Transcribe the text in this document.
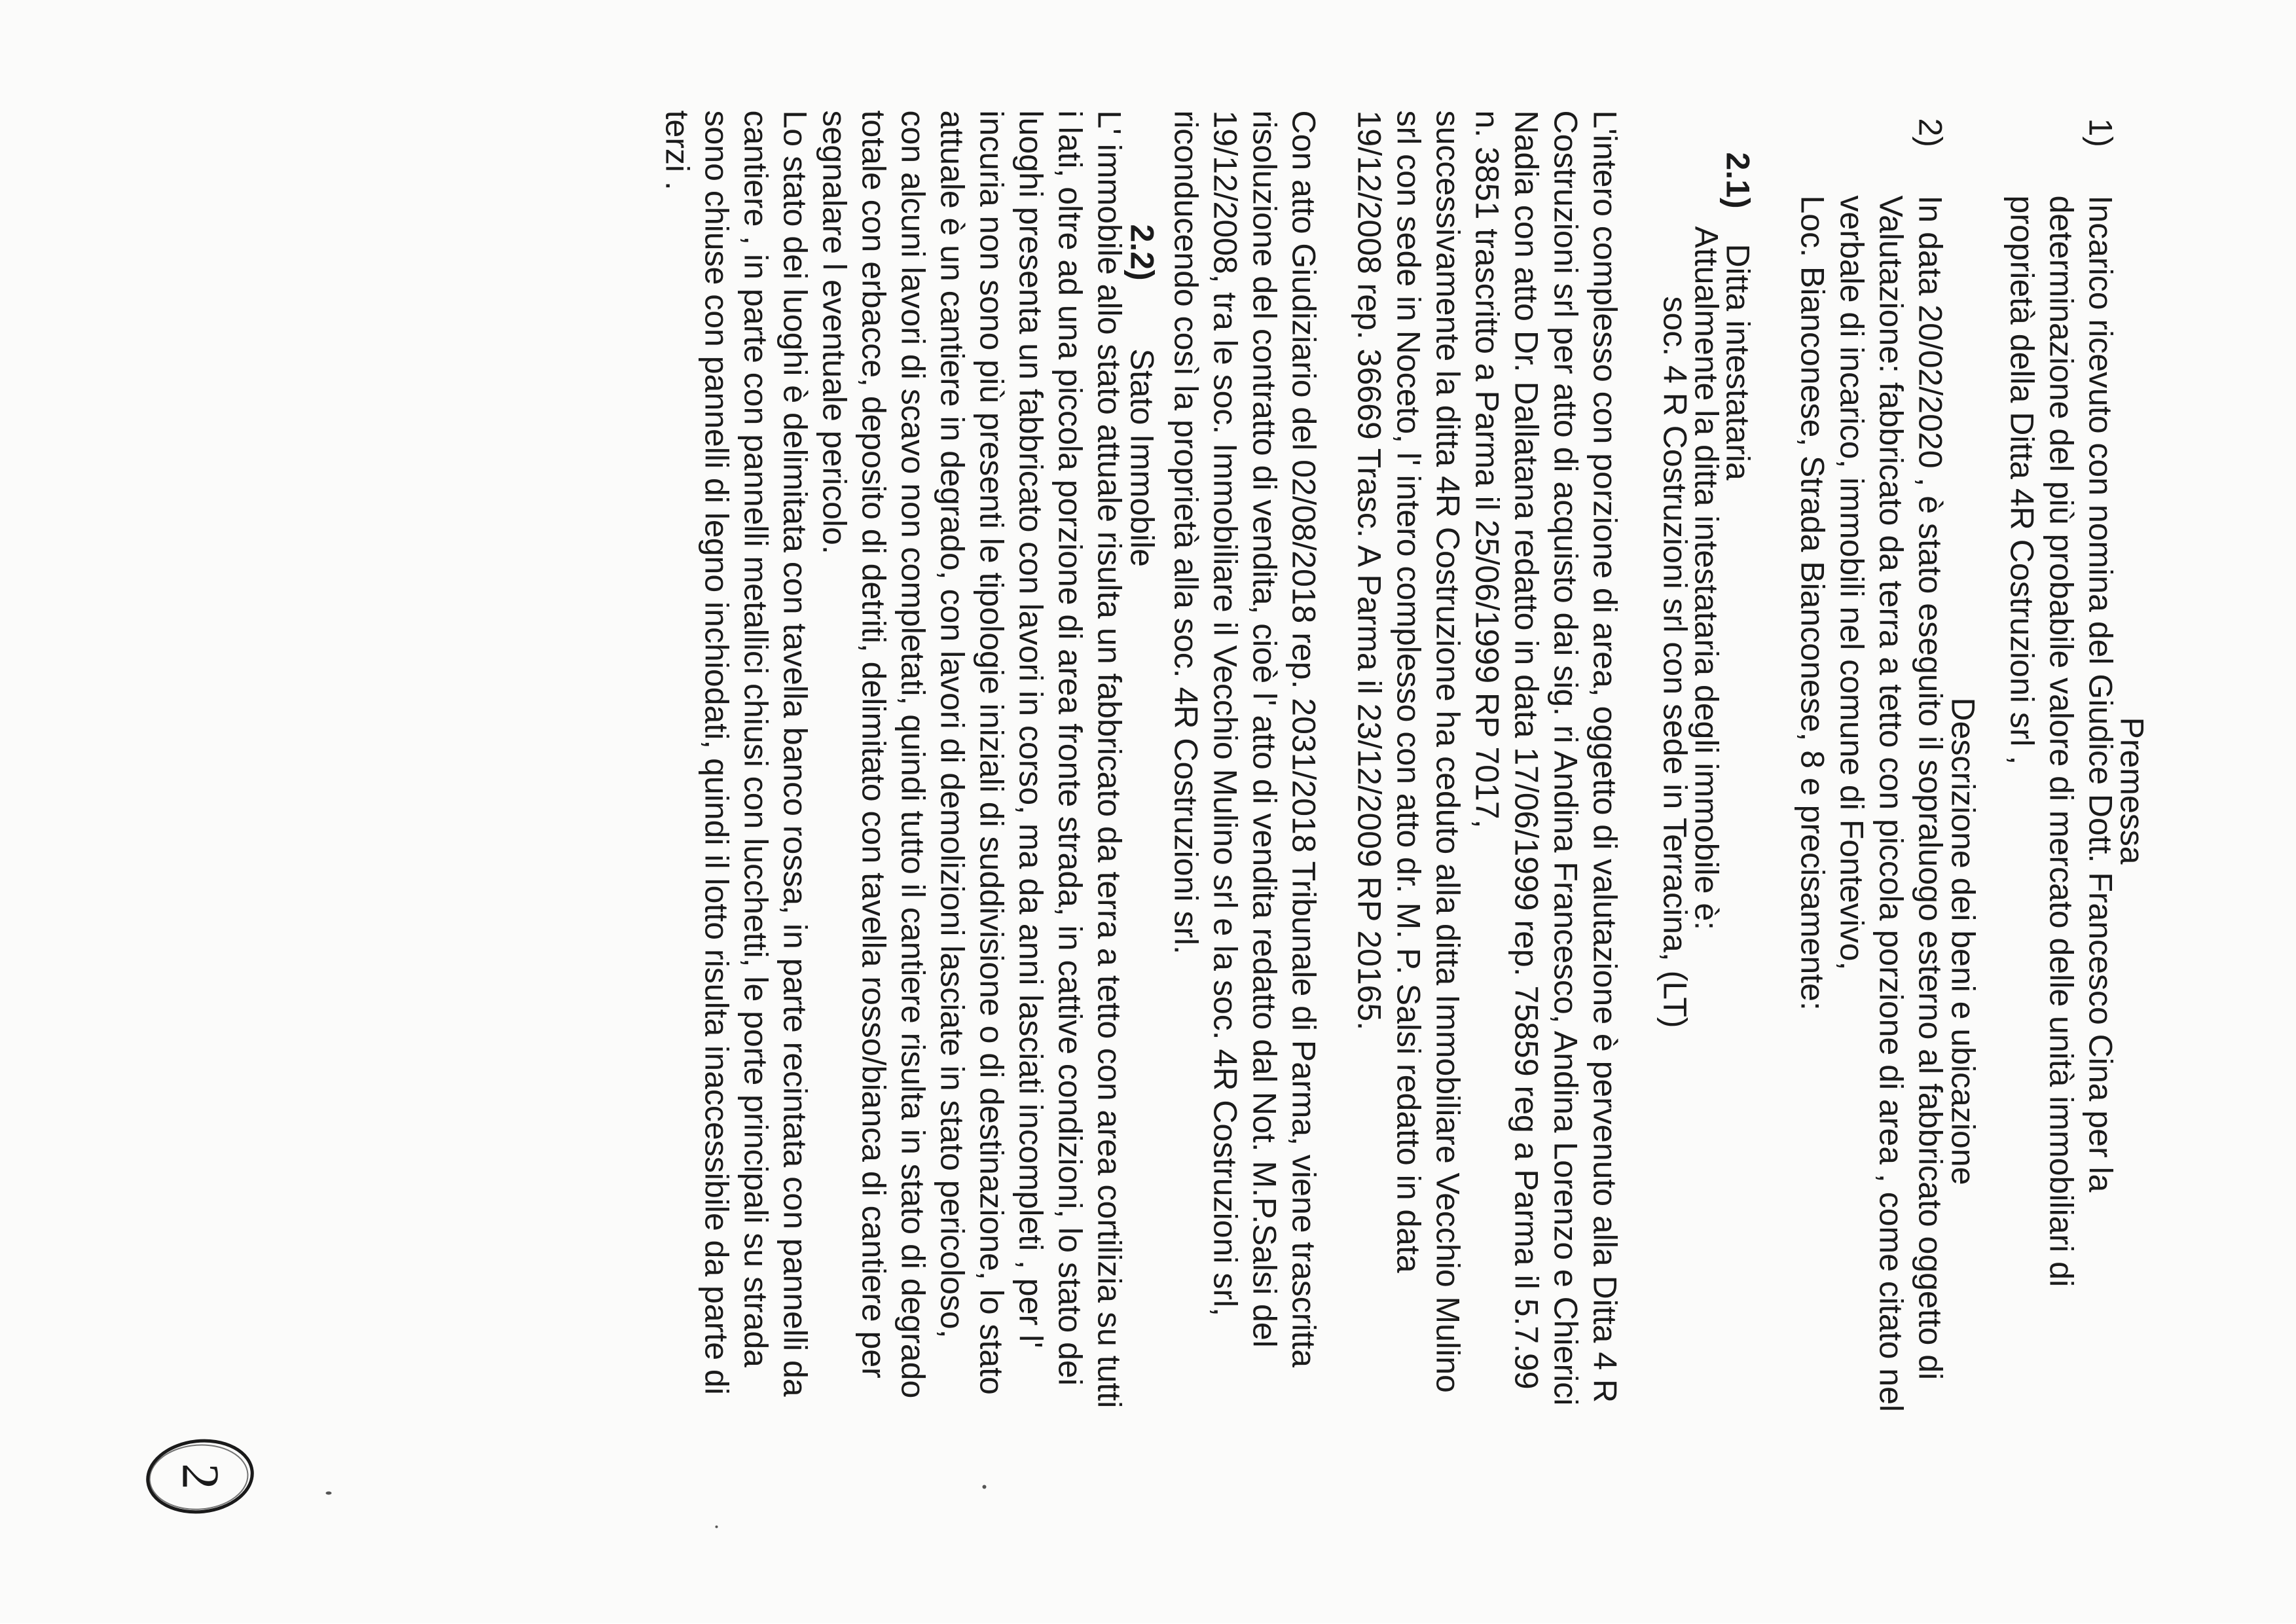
Premessa
1)
Incarico ricevuto con nomina del Giudice Dott. Francesco Cina per la
determinazione del più probabile valore di mercato delle unità immobiliari di
proprietà della Ditta 4R Costruzioni srl ,
Descrizione dei beni e ubicazione
2)
In data 20/02/2020 , è stato eseguito il sopraluogo esterno al fabbricato oggetto di
Valutazione: fabbricato da terra a tetto con piccola porzione di area , come citato nel
verbale di incarico, immobili nel comune di Fontevivo,
Loc. Bianconese, Strada Bianconese, 8 e precisamente:
2.1)
Ditta intestataria
Attualmente la ditta intestataria degli immobile è:
soc. 4 R Costruzioni srl con sede in Terracina, (LT)
L'intero complesso con porzione di area, oggetto di valutazione è pervenuto alla Ditta 4 R
Costruzioni srl per atto di acquisto dai sig. ri Andina Francesco, Andina Lorenzo e Chierici
Nadia con atto Dr. Dallatana redatto in data 17/06/1999 rep. 75859 reg a Parma il 5.7.99
n. 3851 trascritto a Parma il 25/06/1999 RP 7017,
successivamente la ditta 4R Costruzione ha ceduto alla ditta Immobiliare Vecchio Mulino
srl con sede in Noceto, l' intero complesso con atto dr. M. P. Salsi redatto in data
19/12/2008 rep. 36669 Trasc. A Parma il 23/12/2009 RP 20165.
Con atto Giudiziario del 02/08/2018 rep. 2031/2018 Tribunale di Parma, viene trascritta
risoluzione del contratto di vendita, cioè l' atto di vendita redatto dal Not. M.P.Salsi del
19/12/2008, tra le soc. Immobiliare il Vecchio Mulino srl e la soc. 4R Costruzioni srl,
riconducendo così la proprietà alla soc. 4R Costruzioni srl.
2.2)
Stato Immobile
L' immobile allo stato attuale risulta un fabbricato da terra a tetto con area cortilizia su tutti
i lati, oltre ad una piccola porzione di area fronte strada, in cattive condizioni, lo stato dei
luoghi presenta un fabbricato con lavori in corso, ma da anni lasciati incompleti , per l'
incuria non sono più presenti le tipologie iniziali di suddivisione o di destinazione, lo stato
attuale è un cantiere in degrado, con lavori di demolizioni lasciate in stato pericoloso,
con alcuni lavori di scavo non completati, quindi tutto il cantiere risulta in stato di degrado
totale con erbacce, deposito di detriti, delimitato con tavella rosso/bianca di cantiere per
segnalare l eventuale pericolo.
Lo stato dei luoghi è delimitata con tavella banco rossa, in parte recintata con pannelli da
cantiere , in parte con pannelli metallici chiusi con lucchetti, le porte principali su strada
sono chiuse con pannelli di legno inchiodati, quindi il lotto risulta inaccessibile da parte di
terzi .
2
